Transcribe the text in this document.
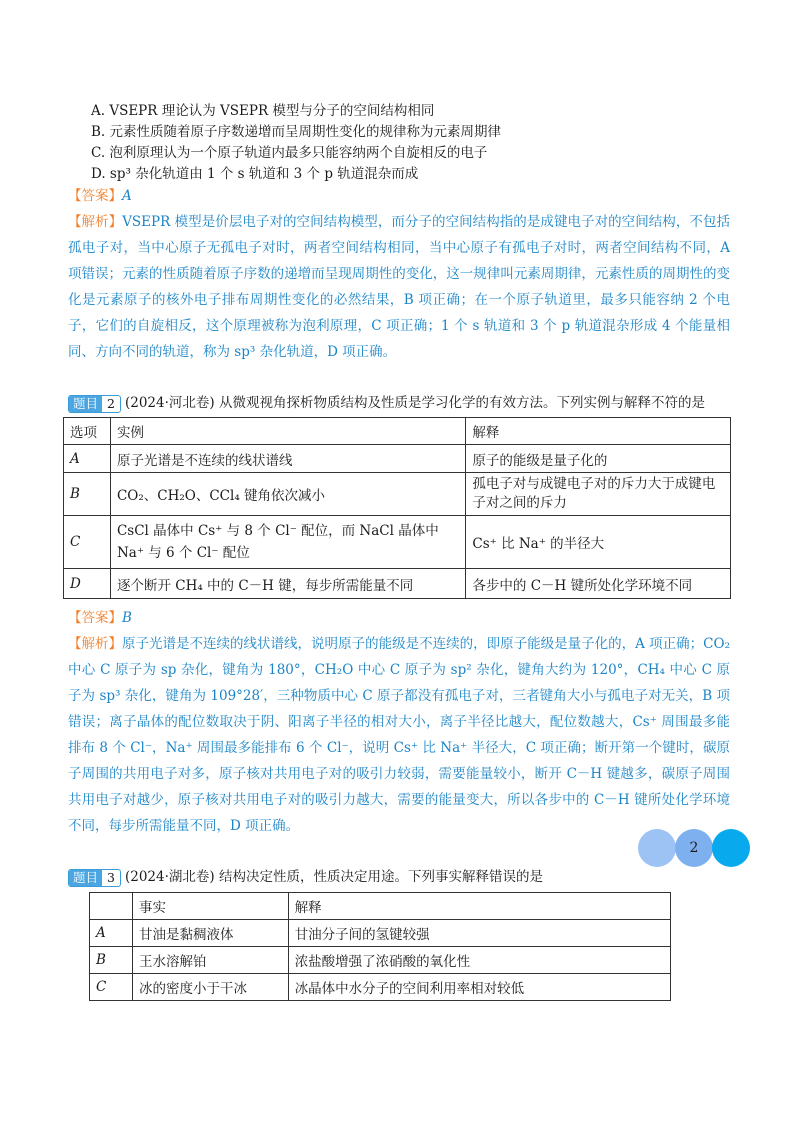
A. VSEPR 理论认为 VSEPR 模型与分子的空间结构相同
B. 元素性质随着原子序数递增而呈周期性变化的规律称为元素周期律
C. 泡利原理认为一个原子轨道内最多只能容纳两个自旋相反的电子
D. sp³ 杂化轨道由 1 个 s 轨道和 3 个 p 轨道混杂而成
【答案】A
【解析】VSEPR 模型是价层电子对的空间结构模型，而分子的空间结构指的是成键电子对的空间结构，不包括孤电子对，当中心原子无孤电子对时，两者空间结构相同，当中心原子有孤电子对时，两者空间结构不同，A 项错误；元素的性质随着原子序数的递增而呈现周期性的变化，这一规律叫元素周期律，元素性质的周期性的变化是元素原子的核外电子排布周期性变化的必然结果，B 项正确；在一个原子轨道里，最多只能容纳 2 个电子，它们的自旋相反，这个原理被称为泡利原理，C 项正确；1 个 s 轨道和 3 个 p 轨道混杂形成 4 个能量相同、方向不同的轨道，称为 sp³ 杂化轨道，D 项正确。
题目 2 (2024·河北卷) 从微观视角探析物质结构及性质是学习化学的有效方法。下列实例与解释不符的是
选项	实例	解释
A	原子光谱是不连续的线状谱线	原子的能级是量子化的
B	CO₂、CH₂O、CCl₄ 键角依次减小	孤电子对与成键电子对的斥力大于成键电子对之间的斥力
C	CsCl 晶体中 Cs⁺ 与 8 个 Cl⁻ 配位，而 NaCl 晶体中 Na⁺ 与 6 个 Cl⁻ 配位	Cs⁺ 比 Na⁺ 的半径大
D	逐个断开 CH₄ 中的 C－H 键，每步所需能量不同	各步中的 C－H 键所处化学环境不同
【答案】B
【解析】原子光谱是不连续的线状谱线，说明原子的能级是不连续的，即原子能级是量子化的，A 项正确；CO₂ 中心 C 原子为 sp 杂化，键角为 180°，CH₂O 中心 C 原子为 sp² 杂化，键角大约为 120°，CH₄ 中心 C 原子为 sp³ 杂化，键角为 109°28′，三种物质中心 C 原子都没有孤电子对，三者键角大小与孤电子对无关，B 项错误；离子晶体的配位数取决于阴、阳离子半径的相对大小，离子半径比越大，配位数越大，Cs⁺ 周围最多能排布 8 个 Cl⁻，Na⁺ 周围最多能排布 6 个 Cl⁻，说明 Cs⁺ 比 Na⁺ 半径大，C 项正确；断开第一个键时，碳原子周围的共用电子对多，原子核对共用电子对的吸引力较弱，需要能量较小，断开 C－H 键越多，碳原子周围共用电子对越少，原子核对共用电子对的吸引力越大，需要的能量变大，所以各步中的 C－H 键所处化学环境不同，每步所需能量不同，D 项正确。
题目 3 (2024·湖北卷) 结构决定性质，性质决定用途。下列事实解释错误的是
	事实	解释
A	甘油是黏稠液体	甘油分子间的氢键较强
B	王水溶解铂	浓盐酸增强了浓硝酸的氧化性
C	冰的密度小于干冰	冰晶体中水分子的空间利用率相对较低
2
